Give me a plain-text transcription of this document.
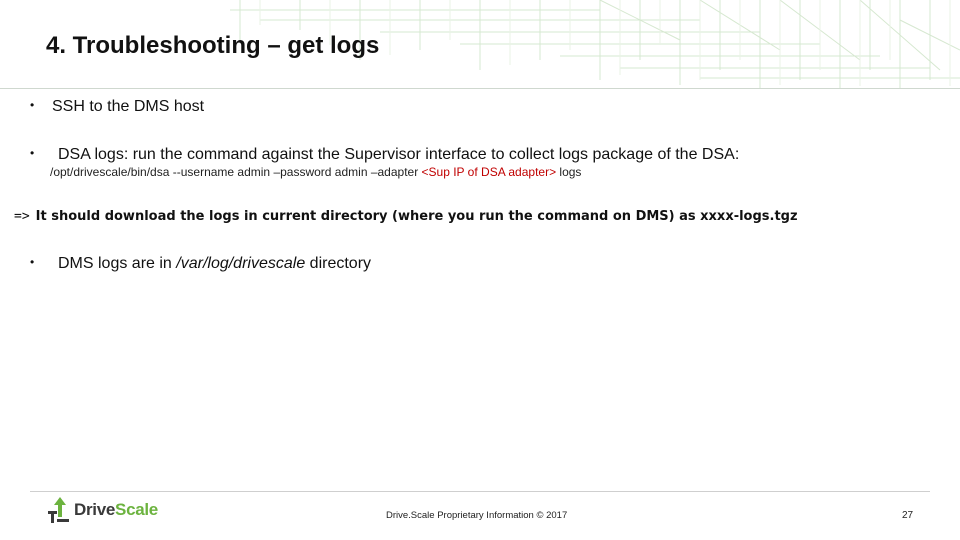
4. Troubleshooting – get logs
• SSH to the DMS host
• DSA logs: run the command against the Supervisor interface to collect logs package of the DSA:
/opt/drivescale/bin/dsa --username admin –password admin –adapter <Sup IP of DSA adapter> logs
=> It should download the logs in current directory (where you run the command on DMS) as xxxx-logs.tgz
• DMS logs are in /var/log/drivescale directory
DriveScale	Drive.Scale Proprietary Information © 2017	27
